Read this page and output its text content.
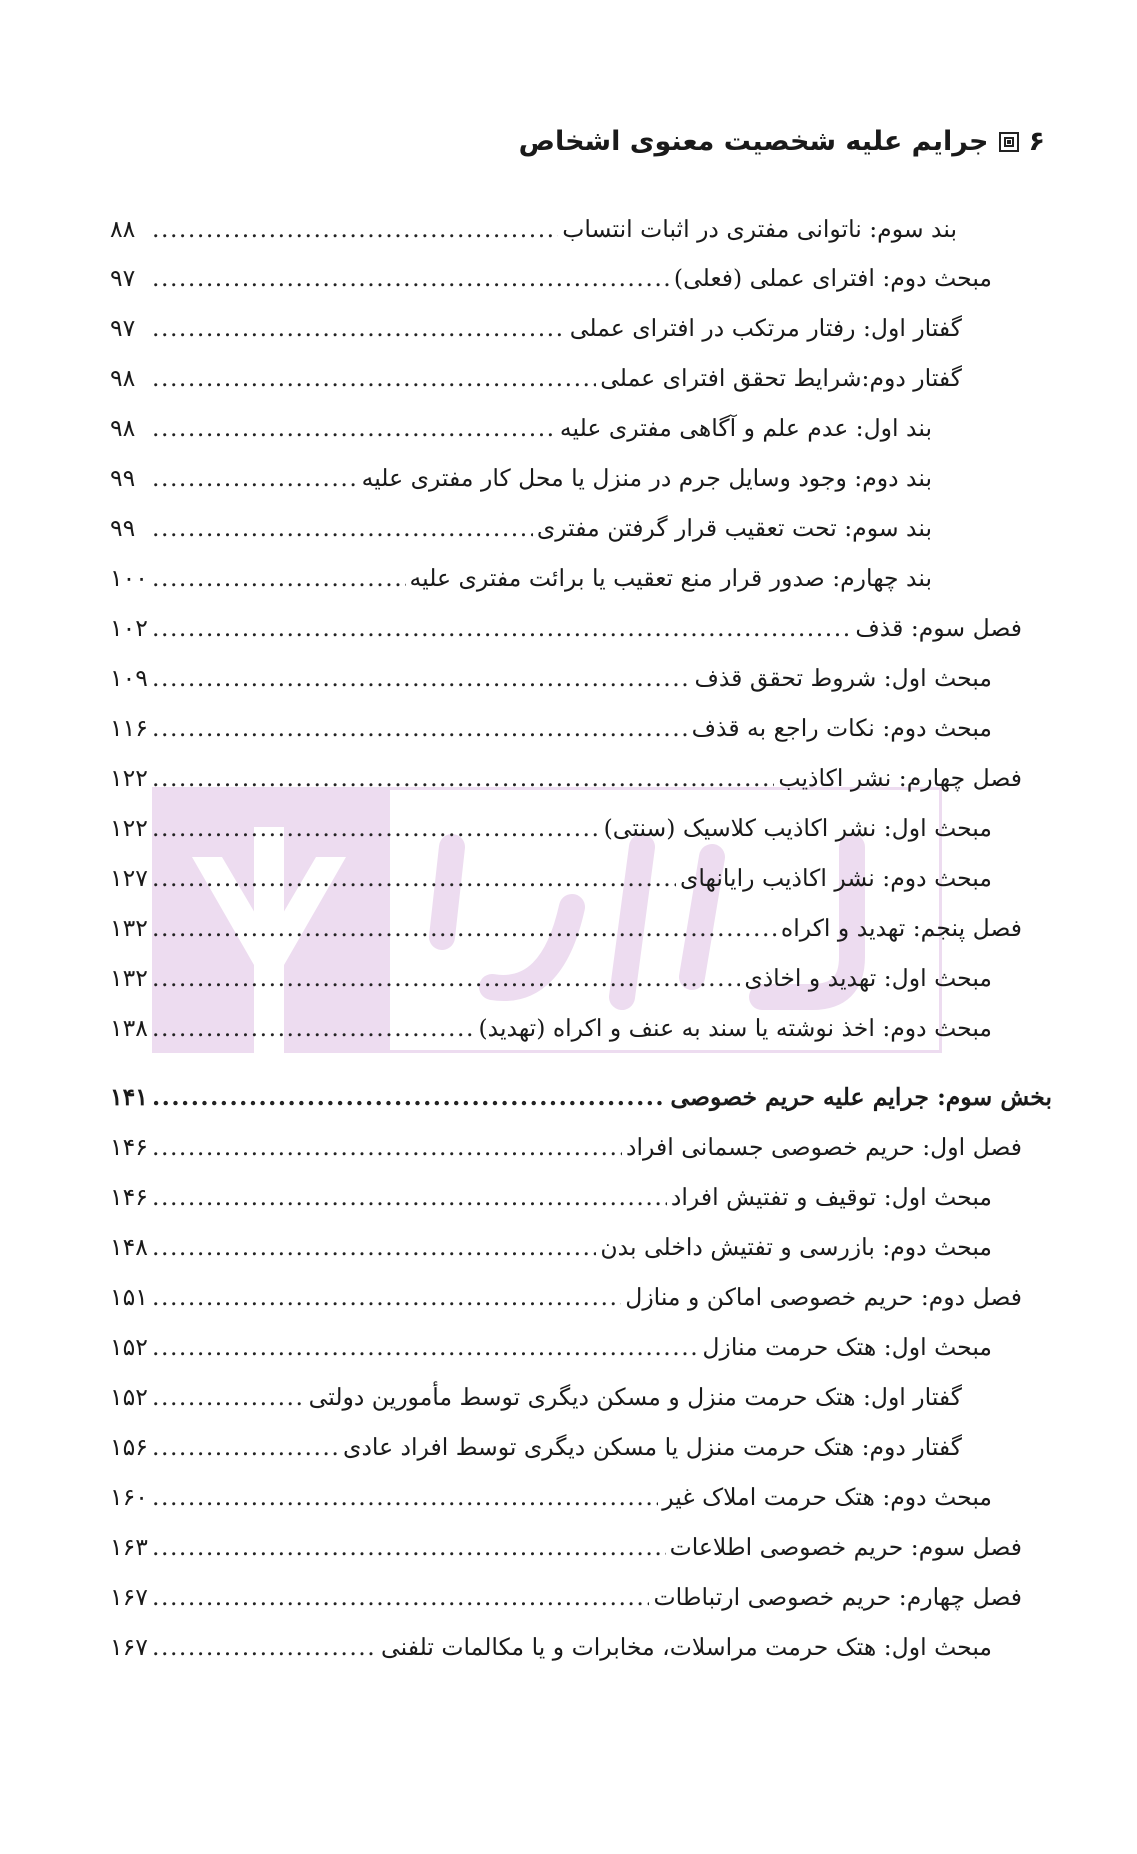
۶
جرایم علیه شخصیت معنوی اشخاص
بند سوم: ناتوانی مفتری در اثبات انتساب
.....
۸۸
مبحث دوم: افترای عملی (فعلی)
.....
۹۷
گفتار اول: رفتار مرتکب در افترای عملی
.....
۹۷
گفتار دوم:شرایط تحقق افترای عملی
.....
۹۸
بند اول: عدم علم و آگاهی مفتری علیه
.....
۹۸
بند دوم: وجود وسایل جرم در منزل یا محل کار مفتری علیه
.....
۹۹
بند سوم: تحت تعقیب قرار گرفتن مفتری
.....
۹۹
بند چهارم: صدور قرار منع تعقیب یا برائت مفتری علیه
.....
۱۰۰
فصل سوم: قذف
.....
۱۰۲
مبحث اول: شروط تحقق قذف
.....
۱۰۹
مبحث دوم: نکات راجع به قذف
.....
۱۱۶
فصل چهارم: نشر اکاذیب
.....
۱۲۲
مبحث اول: نشر اکاذیب کلاسیک (سنتی)
.....
۱۲۲
مبحث دوم: نشر اکاذیب رایانهای
.....
۱۲۷
فصل پنجم: تهدید و اکراه
.....
۱۳۲
مبحث اول: تهدید و اخاذی
.....
۱۳۲
مبحث دوم: اخذ نوشته یا سند به عنف و اکراه (تهدید)
.....
۱۳۸
بخش سوم: جرایم علیه حریم خصوصی
.....
۱۴۱
فصل اول: حریم خصوصی جسمانی افراد
.....
۱۴۶
مبحث اول: توقیف و تفتیش افراد
.....
۱۴۶
مبحث دوم: بازرسی و تفتیش داخلی بدن
.....
۱۴۸
فصل دوم: حریم خصوصی اماکن و منازل
.....
۱۵۱
مبحث اول: هتک حرمت منازل
.....
۱۵۲
گفتار اول: هتک حرمت منزل و مسکن دیگری توسط مأمورین دولتی
.....
۱۵۲
گفتار دوم: هتک حرمت منزل یا مسکن دیگری توسط افراد عادی
.....
۱۵۶
مبحث دوم: هتک حرمت املاک غیر
.....
۱۶۰
فصل سوم: حریم خصوصی اطلاعات
.....
۱۶۳
فصل چهارم: حریم خصوصی ارتباطات
.....
۱۶۷
مبحث اول: هتک حرمت مراسلات، مخابرات و یا مکالمات تلفنی
.....
۱۶۷
